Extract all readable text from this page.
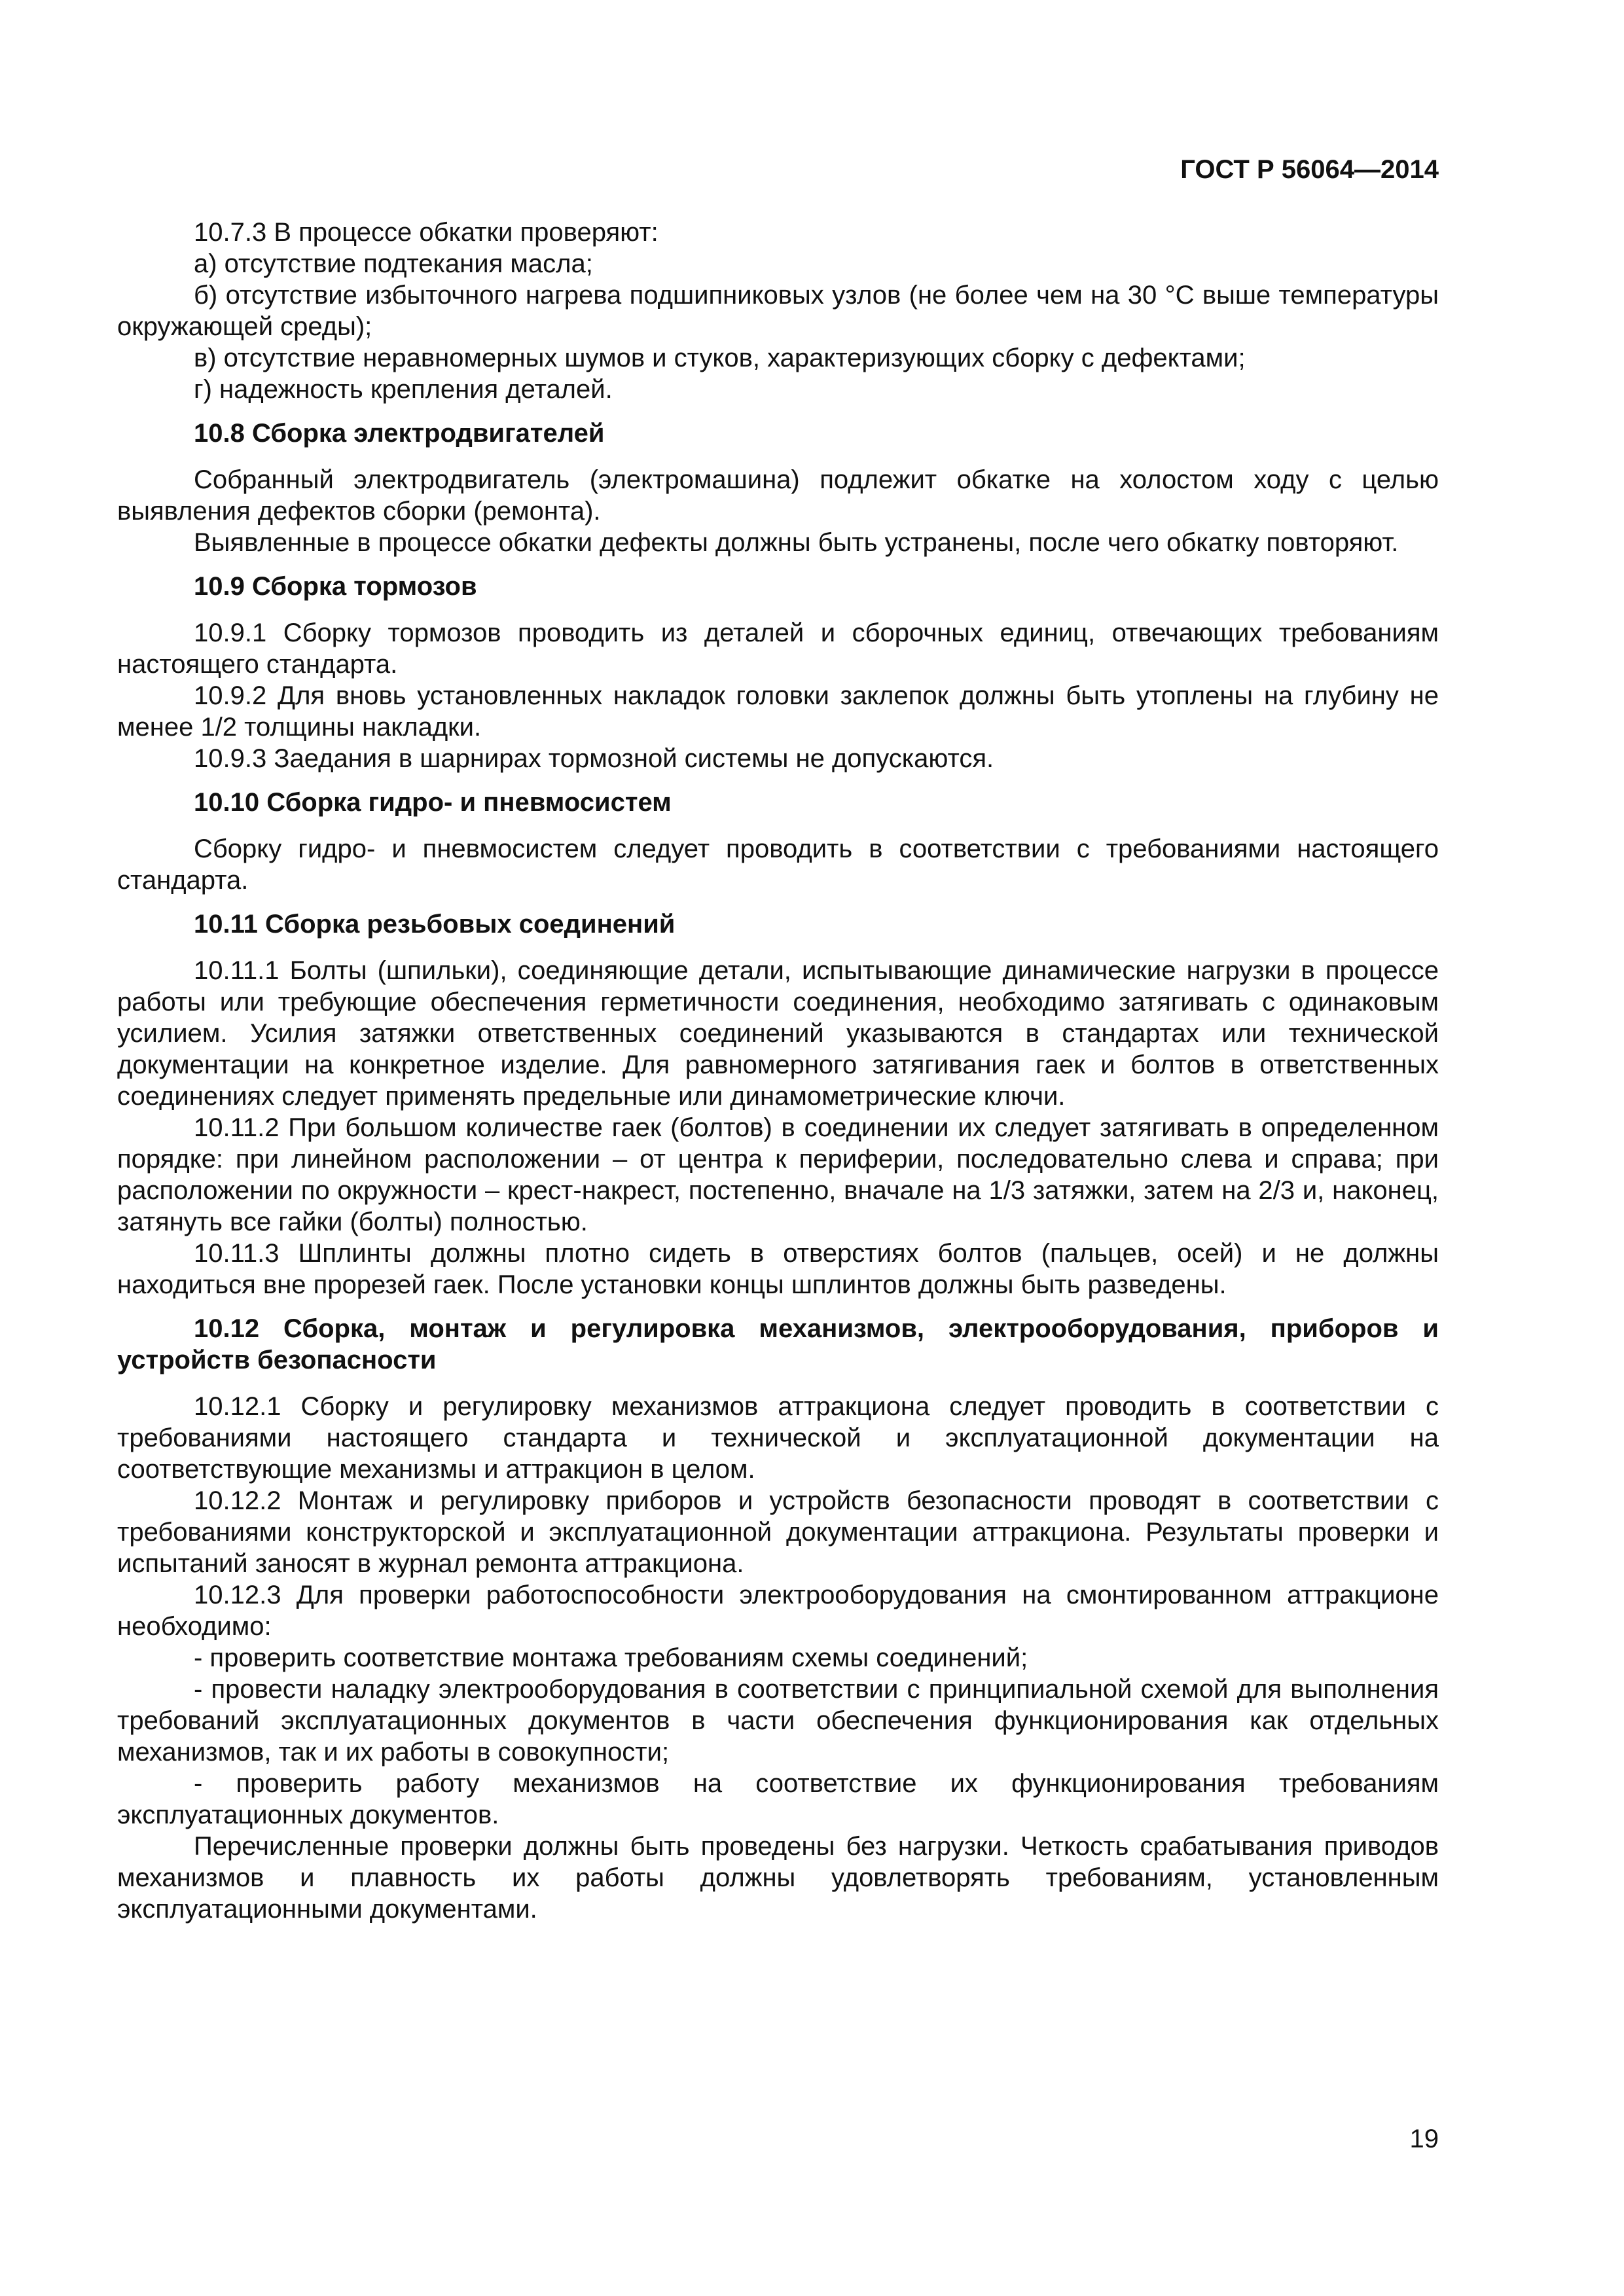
ГОСТ Р 56064—2014

10.7.3 В процессе обкатки проверяют:

а) отсутствие подтекания масла;

б) отсутствие избыточного нагрева подшипниковых узлов (не более чем на 30 °С выше температуры окружающей среды);

в) отсутствие неравномерных шумов и стуков, характеризующих сборку с дефектами;

г) надежность крепления деталей.

10.8 Сборка электродвигателей

Собранный электродвигатель (электромашина) подлежит обкатке на холостом ходу с целью выявления дефектов сборки (ремонта).

Выявленные в процессе обкатки дефекты должны быть устранены, после чего обкатку повторяют.

10.9 Сборка тормозов

10.9.1 Сборку тормозов проводить из деталей и сборочных единиц, отвечающих требованиям настоящего стандарта.

10.9.2 Для вновь установленных накладок головки заклепок должны быть утоплены на глубину не менее 1/2 толщины накладки.

10.9.3 Заедания в шарнирах тормозной системы не допускаются.

10.10 Сборка гидро- и пневмосистем

Сборку гидро- и пневмосистем следует проводить в соответствии с требованиями настоящего стандарта.

10.11 Сборка резьбовых соединений

10.11.1 Болты (шпильки), соединяющие детали, испытывающие динамические нагрузки в процессе работы или требующие обеспечения герметичности соединения, необходимо затягивать с одинаковым усилием. Усилия затяжки ответственных соединений указываются в стандартах или технической документации на конкретное изделие. Для равномерного затягивания гаек и болтов в ответственных соединениях следует применять предельные или динамометрические ключи.

10.11.2 При большом количестве гаек (болтов) в соединении их следует затягивать в определенном порядке: при линейном расположении – от центра к периферии, последовательно слева и справа; при расположении по окружности – крест-накрест, постепенно, вначале на 1/3 затяжки, затем на 2/3 и, наконец, затянуть все гайки (болты) полностью.

10.11.3 Шплинты должны плотно сидеть в отверстиях болтов (пальцев, осей) и не должны находиться вне прорезей гаек. После установки концы шплинтов должны быть разведены.

10.12 Сборка, монтаж и регулировка механизмов, электрооборудования, приборов и устройств безопасности

10.12.1 Сборку и регулировку механизмов аттракциона следует проводить в соответствии с требованиями настоящего стандарта и технической и эксплуатационной документации на соответствующие механизмы и аттракцион в целом.

10.12.2 Монтаж и регулировку приборов и устройств безопасности проводят в соответствии с требованиями конструкторской и эксплуатационной документации аттракциона. Результаты проверки и испытаний заносят в журнал ремонта аттракциона.

10.12.3 Для проверки работоспособности электрооборудования на смонтированном аттракционе необходимо:

- проверить соответствие монтажа требованиям схемы соединений;

- провести наладку электрооборудования в соответствии с принципиальной схемой для выполнения требований эксплуатационных документов в части обеспечения функционирования как отдельных механизмов, так и их работы в совокупности;

- проверить работу механизмов на соответствие их функционирования требованиям эксплуатационных документов.

Перечисленные проверки должны быть проведены без нагрузки. Четкость срабатывания приводов механизмов и плавность их работы должны удовлетворять требованиям, установленным эксплуатационными документами.

19
